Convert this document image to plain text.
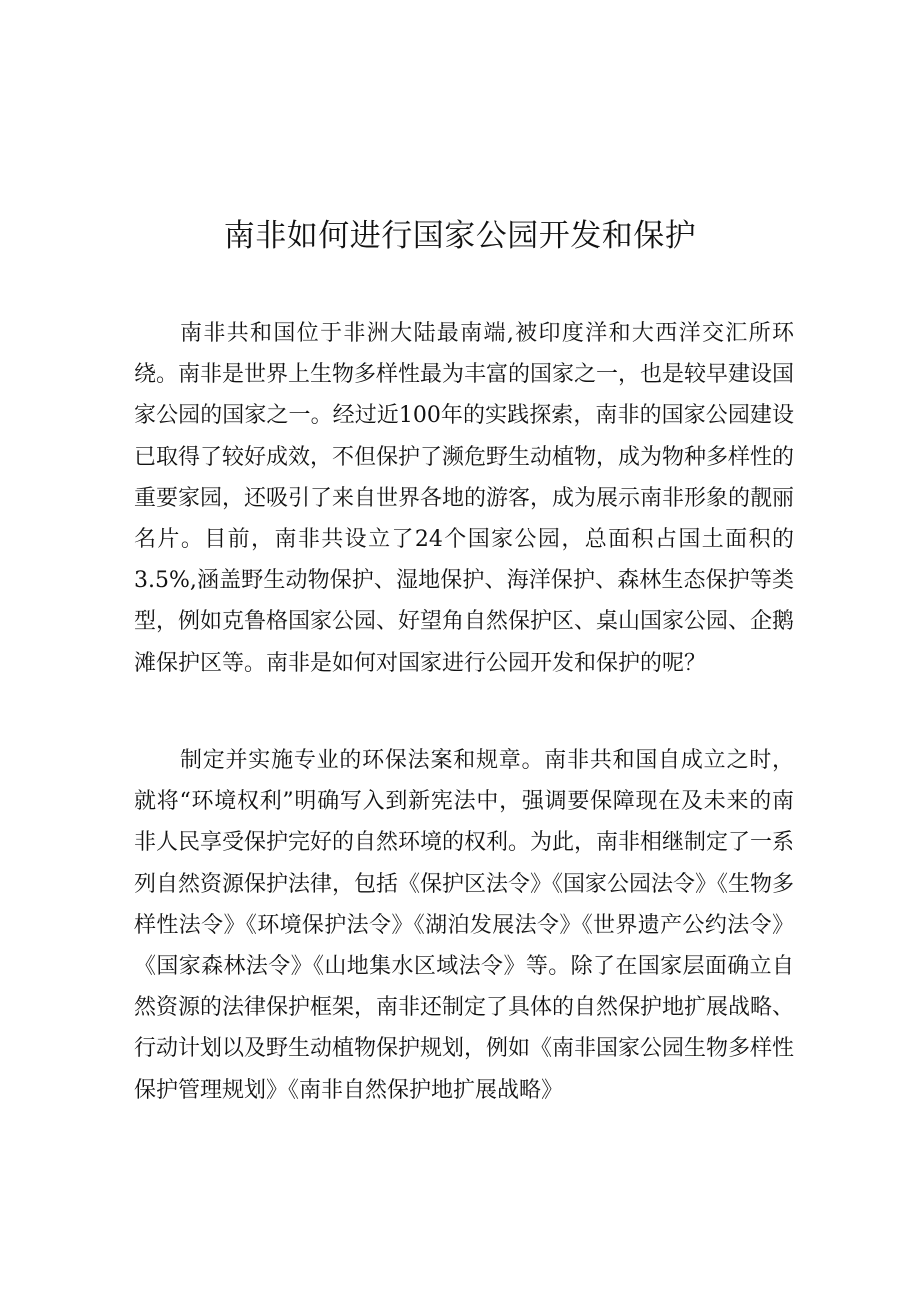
南非如何进行国家公园开发和保护

南非共和国位于非洲大陆最南端,被印度洋和大西洋交汇所环绕。南非是世界上生物多样性最为丰富的国家之一，也是较早建设国家公园的国家之一。经过近100年的实践探索，南非的国家公园建设已取得了较好成效，不但保护了濒危野生动植物，成为物种多样性的重要家园，还吸引了来自世界各地的游客，成为展示南非形象的靓丽名片。目前，南非共设立了24个国家公园，总面积占国土面积的3.5%,涵盖野生动物保护、湿地保护、海洋保护、森林生态保护等类型，例如克鲁格国家公园、好望角自然保护区、桌山国家公园、企鹅滩保护区等。南非是如何对国家进行公园开发和保护的呢？

制定并实施专业的环保法案和规章。南非共和国自成立之时，就将“环境权利”明确写入到新宪法中，强调要保障现在及未来的南非人民享受保护完好的自然环境的权利。为此，南非相继制定了一系列自然资源保护法律，包括《保护区法令》《国家公园法令》《生物多样性法令》《环境保护法令》《湖泊发展法令》《世界遗产公约法令》《国家森林法令》《山地集水区域法令》等。除了在国家层面确立自然资源的法律保护框架，南非还制定了具体的自然保护地扩展战略、行动计划以及野生动植物保护规划，例如《南非国家公园生物多样性保护管理规划》《南非自然保护地扩展战略》
